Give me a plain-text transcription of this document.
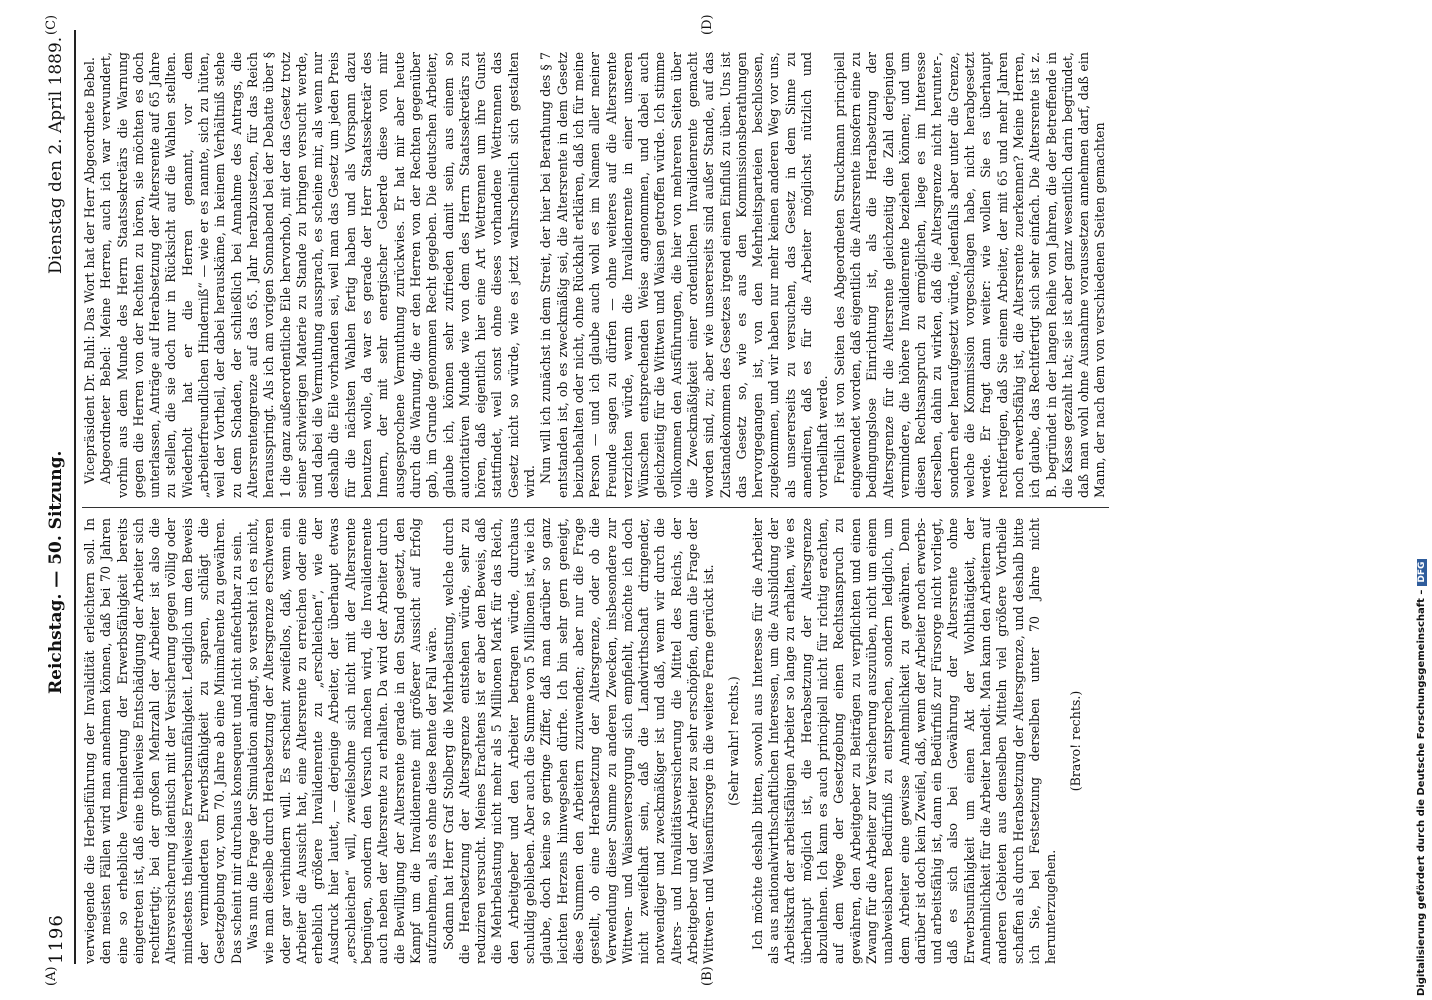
1196
Reichstag. — 50. Sitzung.
Dienstag den 2. April 1889.

verwiegende die Herbeiführung der Invalidität erleichtern soll. In den meisten Fällen wird man annehmen können, daß bei 70 Jahren eine so erhebliche Verminderung der Erwerbsfähigkeit bereits eingetreten ist, daß eine theilweise Entschädigung der Arbeiter sich rechtfertigt; bei der großen Mehrzahl der Arbeiter ist also die Altersversicherung identisch mit der Versicherung gegen völlig oder mindestens theilweise Erwerbsunfähigkeit. Lediglich um den Beweis der verminderten Erwerbsfähigkeit zu sparen, schlägt die Gesetzgebung vor, vom 70. Jahre ab eine Minimalrente zu gewähren. Das scheint mir durchaus konsequent und nicht anfechtbar zu sein. Was nun die Frage der Simulation anlangt, so versteht ich es nicht, wie man dieselbe durch Herabsetzung der Altersgrenze erschweren oder gar verhindern will. Es erscheint zweifellos, daß, wenn ein Arbeiter die Aussicht hat, eine Altersrente zu erreichen oder eine erheblich größere Invalidenrente zu „erschleichen“, wie der Ausdruck hier lautet, — derjenige Arbeiter, der überhaupt etwas „erschleichen“ will, zweifelsohne sich nicht mit der Altersrente begnügen, sondern den Versuch machen wird, die Invalidenrente auch neben der Altersrente zu erhalten. Da wird der Arbeiter durch die Bewilligung der Altersrente gerade in den Stand gesetzt, den Kampf um die Invalidenrente mit größerer Aussicht auf Erfolg aufzunehmen, als es ohne diese Rente der Fall wäre. Sodann hat Herr Graf Stolberg die Mehrbelastung, welche durch die Herabsetzung der Altersgrenze entstehen würde, sehr zu reduziren versucht. Meines Erachtens ist er aber den Beweis, daß die Mehrbelastung nicht mehr als 5 Millionen Mark für das Reich, den Arbeitgeber und den Arbeiter betragen würde, durchaus schuldig geblieben. Aber auch die Summe von 5 Millionen ist, wie ich glaube, doch keine so geringe Ziffer, daß man darüber so ganz leichten Herzens hinwegsehen dürfte. Ich bin sehr gern geneigt, diese Summen den Arbeitern zuzuwenden; aber nur die Frage gestellt, ob eine Herabsetzung der Altersgrenze, oder ob die Verwendung dieser Summe zu anderen Zwecken, insbesondere zur Wittwen- und Waisenversorgung sich empfiehlt, möchte ich doch nicht zweifelhaft sein, daß die Landwirthschaft dringender, notwendiger und zweckmäßiger ist und daß, wenn wir durch die Alters- und Invaliditätsversicherung die Mittel des Reichs, der Arbeitgeber und der Arbeiter zu sehr erschöpfen, dann die Frage der Wittwen- und Waisenfürsorge in die weitere Ferne gerückt ist. (Sehr wahr! rechts.) Ich möchte deshalb bitten, sowohl aus Interesse für die Arbeiter als aus nationalwirthschaftlichen Interessen, um die Ausbildung der Arbeitskraft der arbeitsfähigen Arbeiter so lange zu erhalten, wie es überhaupt möglich ist, die Herabsetzung der Altersgrenze abzulehnen. Ich kann es auch principiell nicht für richtig erachten, auf dem Wege der Gesetzgebung einen Rechtsanspruch zu gewähren, den Arbeitgeber zu Beiträgen zu verpflichten und einen Zwang für die Arbeiter zur Versicherung auszuüben, nicht um einem unabweisbaren Bedürfniß zu entsprechen, sondern lediglich, um dem Arbeiter eine gewisse Annehmlichkeit zu gewähren. Denn darüber ist doch kein Zweifel, daß, wenn der Arbeiter noch erwerbs- und arbeitsfähig ist, dann ein Bedürfniß zur Fürsorge nicht vorliegt, daß es sich also bei Gewährung der Altersrente ohne Erwerbsunfähigkeit um einen Akt der Wohlthätigkeit, der Annehmlichkeit für die Arbeiter handelt. Man kann den Arbeitern auf anderen Gebieten aus denselben Mitteln viel größere Vortheile schaffen als durch Herabsetzung der Altersgrenze, und deshalb bitte ich Sie, bei Festsetzung derselben unter 70 Jahre nicht herunterzugehen.

(Bravo! rechts.)

Vicepräsident Dr. Buhl: Das Wort hat der Herr Abgeordnete Bebel. Abgeordneter Bebel: Meine Herren, auch ich war verwundert, vorhin aus dem Munde des Herrn Staatssekretärs die Warnung gegen die Herren von der Rechten zu hören, sie möchten es doch unterlassen, Anträge auf Herabsetzung der Altersrente auf 65 Jahre zu stellen, die sie doch nur in Rücksicht auf die Wahlen stellten. Wiederholt hat er die Herren genannt, vor dem „arbeiterfreundlichen Hinderniß“ — wie er es nannte, sich zu hüten, weil der Vortheil, der dabei herauskäme, in keinem Verhältniß stehe zu dem Schaden, der schließlich bei Annahme des Antrags, die Altersrentengrenze auf das 65. Jahr herabzusetzen, für das Reich herausspringt. Als ich am vorigen Sonnabend bei der Debatte über § 1 die ganz außerordentliche Eile hervorhob, mit der das Gesetz trotz seiner schwierigen Materie zu Stande zu bringen versucht werde, und dabei die Vermuthung aussprach, es scheine mir, als wenn nur deshalb die Eile vorhanden sei, weil man das Gesetz um jeden Preis für die nächsten Wahlen fertig haben und als Vorspann dazu benutzen wolle, da war es gerade der Herr Staatssekretär des Innern, der mit sehr energischer Geberde diese von mir ausgesprochene Vermuthung zurückwies. Er hat mir aber heute durch die Warnung, die er den Herren von der Rechten gegenüber gab, im Grunde genommen Recht gegeben. Die deutschen Arbeiter, glaube ich, können sehr zufrieden damit sein, aus einem so autoritativen Munde wie von dem des Herrn Staatssekretärs zu hören, daß eigentlich hier eine Art Wettrennen um ihre Gunst stattfindet, weil sonst ohne dieses vorhandene Wettrennen das Gesetz nicht so würde, wie es jetzt wahrscheinlich sich gestalten wird. Nun will ich zunächst in dem Streit, der hier bei Berathung des § 7 entstanden ist, ob es zweckmäßig sei, die Altersrente in dem Gesetz beizubehalten oder nicht, ohne Rückhalt erklären, daß ich für meine Person — und ich glaube auch wohl es im Namen aller meiner Freunde sagen zu dürfen — ohne weiteres auf die Altersrente verzichten würde, wenn die Invalidenrente in einer unseren Wünschen entsprechenden Weise angenommen, und dabei auch gleichzeitig für die Wittwen und Waisen getroffen würde. Ich stimme vollkommen den Ausführungen, die hier von mehreren Seiten über die Zweckmäßigkeit einer ordentlichen Invalidenrente gemacht worden sind, zu; aber wie unsererseits sind außer Stande, auf das Zustandekommen des Gesetzes irgend einen Einfluß zu üben. Uns ist das Gesetz so, wie es aus den Kommissionsberathungen hervorgegangen ist, von den Mehrheitsparteien beschlossen, zugekommen, und wir haben nur mehr keinen anderen Weg vor uns, als unsererseits zu versuchen, das Gesetz in dem Sinne zu amendiren, daß es für die Arbeiter möglichst nützlich und vortheilhaft werde. Freilich ist von Seiten des Abgeordneten Struckmann principiell eingewendet worden, daß eigentlich die Altersrente insofern eine zu bedingungslose Einrichtung ist, als die Herabsetzung der Altersgrenze für die Altersrente gleichzeitig die Zahl derjenigen vermindere, die höhere Invalidenrente beziehen können; und um diesen Rechtsanspruch zu ermöglichen, liege es im Interesse derselben, dahin zu wirken, daß die Altersgrenze nicht herunter-, sondern eher heraufgesetzt würde, jedenfalls aber unter die Grenze, welche die Kommission vorgeschlagen habe, nicht herabgesetzt werde. Er fragt dann weiter: wie wollen Sie es überhaupt rechtfertigen, daß Sie einem Arbeiter, der mit 65 und mehr Jahren noch erwerbsfähig ist, die Altersrente zuerkennen? Meine Herren, ich glaube, das Rechtfertigt sich sehr einfach. Die Altersrente ist z. B. begründet in der langen Reihe von Jahren, die der Betreffende in die Kasse gezahlt hat; sie ist aber ganz wesentlich darin begründet, daß man wohl ohne Ausnahme voraussetzen annehmen darf, daß ein Mann, der nach dem von verschiedenen Seiten gemachten

(A)	(B)
(C)	(D)
Digitalisierung gefördert durch die Deutsche Forschungsgemeinschaft –DFG
